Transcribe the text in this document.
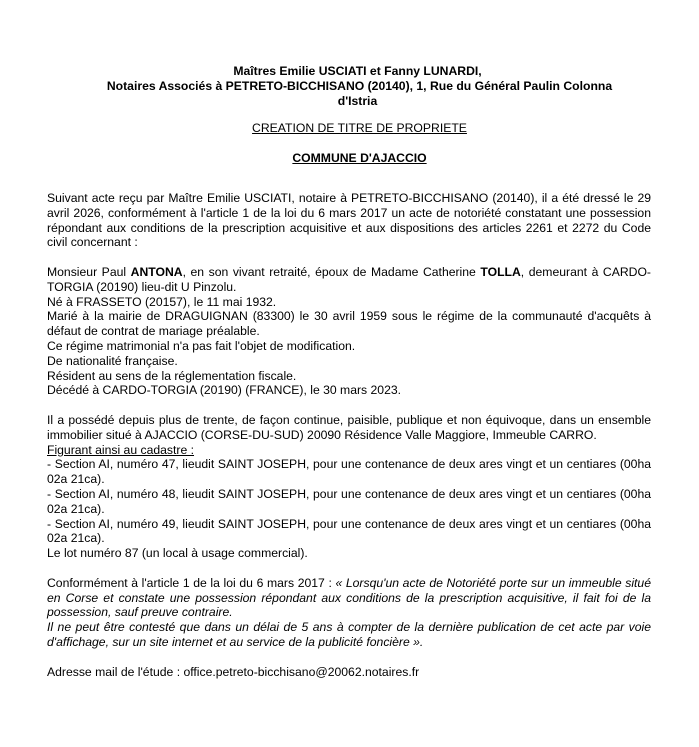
Maîtres Emilie USCIATI et Fanny LUNARDI,
Notaires Associés à PETRETO-BICCHISANO (20140), 1, Rue du Général Paulin Colonna
d'Istria
CREATION DE TITRE DE PROPRIETE
COMMUNE D'AJACCIO

Suivant acte reçu par Maître Emilie USCIATI, notaire à PETRETO-BICCHISANO (20140), il a été dressé le 29 avril 2026, conformément à l'article 1 de la loi du 6 mars 2017 un acte de notoriété constatant une possession répondant aux conditions de la prescription acquisitive et aux dispositions des articles 2261 et 2272 du Code civil concernant :

Monsieur Paul ANTONA, en son vivant retraité, époux de Madame Catherine TOLLA, demeurant à CARDO-TORGIA (20190) lieu-dit U Pinzolu.

Né à FRASSETO (20157), le 11 mai 1932.

Marié à la mairie de DRAGUIGNAN (83300) le 30 avril 1959 sous le régime de la communauté d'acquêts à défaut de contrat de mariage préalable.

Ce régime matrimonial n'a pas fait l'objet de modification.

De nationalité française.

Résident au sens de la réglementation fiscale.

Décédé à CARDO-TORGIA (20190) (FRANCE), le 30 mars 2023.

Il a possédé depuis plus de trente, de façon continue, paisible, publique et non équivoque, dans un ensemble immobilier situé à AJACCIO (CORSE-DU-SUD) 20090 Résidence Valle Maggiore, Immeuble CARRO.

Figurant ainsi au cadastre :

- Section AI, numéro 47, lieudit SAINT JOSEPH, pour une contenance de deux ares vingt et un centiares (00ha 02a 21ca).

- Section AI, numéro 48, lieudit SAINT JOSEPH, pour une contenance de deux ares vingt et un centiares (00ha 02a 21ca).

- Section AI, numéro 49, lieudit SAINT JOSEPH, pour une contenance de deux ares vingt et un centiares (00ha 02a 21ca).

Le lot numéro 87 (un local à usage commercial).

Conformément à l'article 1 de la loi du 6 mars 2017 : « Lorsqu'un acte de Notoriété porte sur un immeuble situé en Corse et constate une possession répondant aux conditions de la prescription acquisitive, il fait foi de la possession, sauf preuve contraire.

Il ne peut être contesté que dans un délai de 5 ans à compter de la dernière publication de cet acte par voie d'affichage, sur un site internet et au service de la publicité foncière ».

Adresse mail de l'étude : office.petreto-bicchisano@20062.notaires.fr
